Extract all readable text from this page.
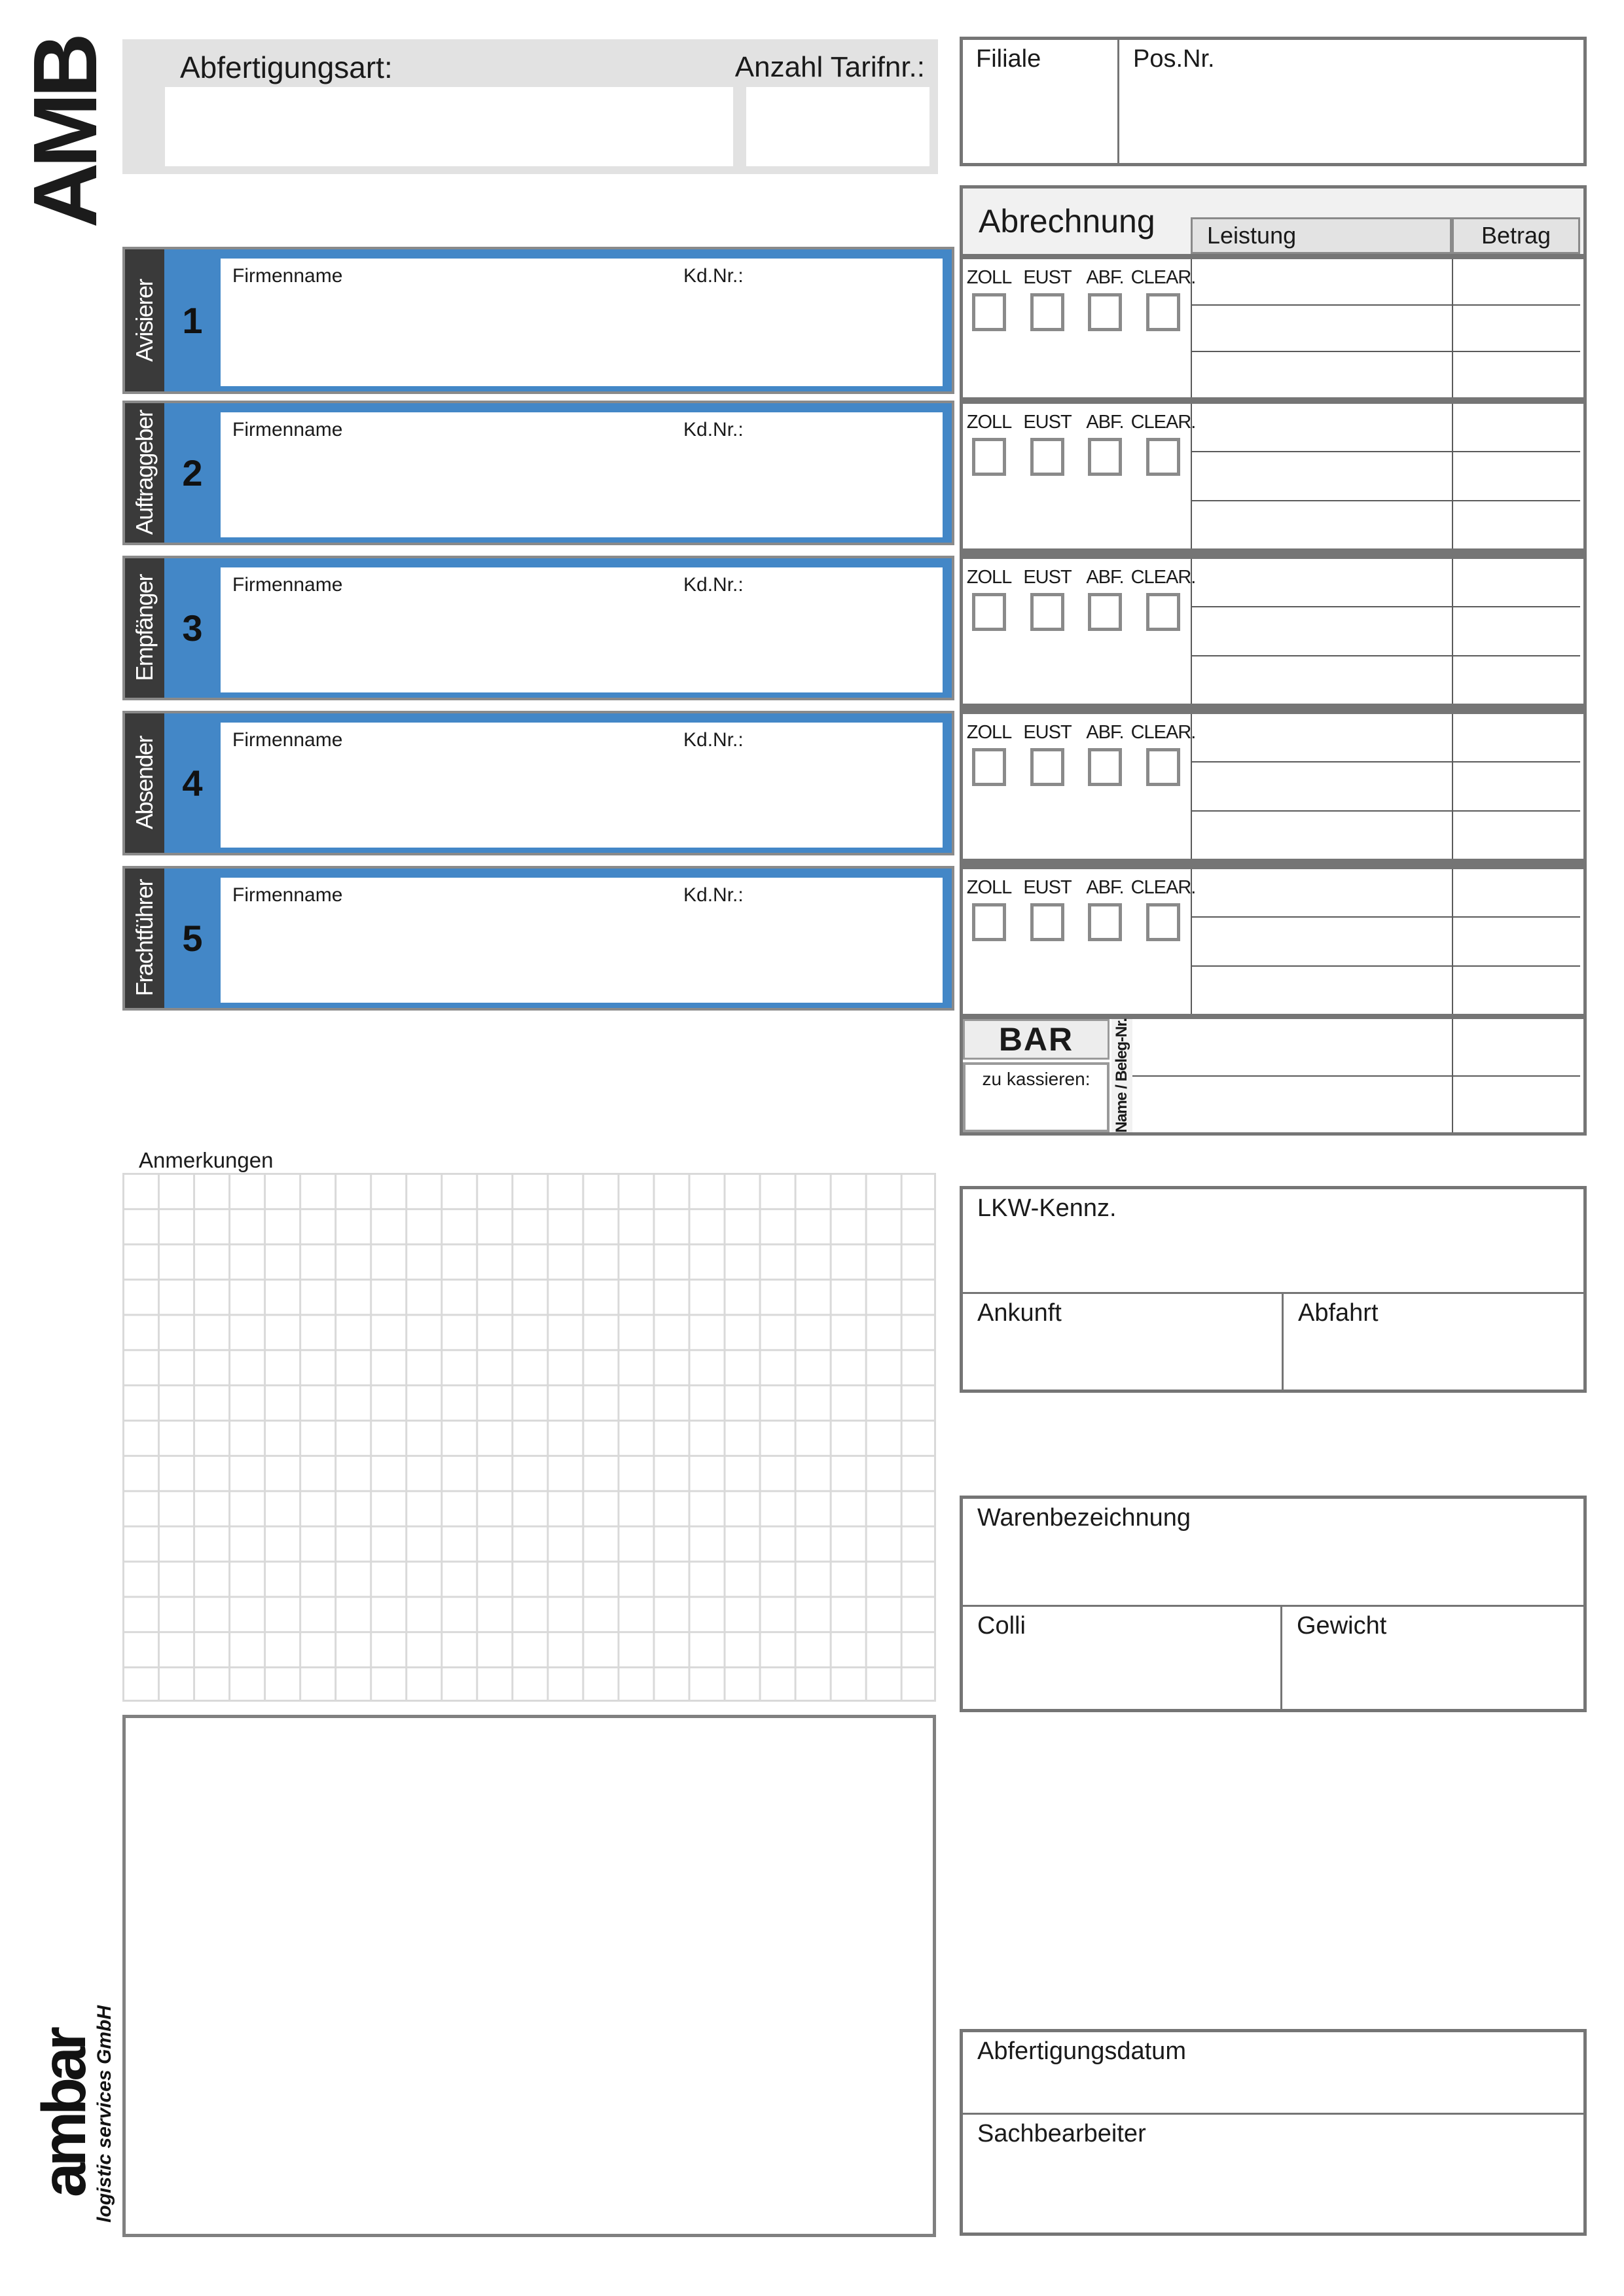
AMB Abfertigungsart:	Anzahl Tarifnr.: Filiale	Pos.Nr.
Abrechnung	Leistung	Betrag
ZOLL EUST ABF. CLEAR.
ZOLL EUST ABF. CLEAR.
ZOLL EUST ABF. CLEAR.
ZOLL EUST ABF. CLEAR.
ZOLL EUST ABF. CLEAR.
BAR
zu kassieren:	Name / Beleg-Nr.
Avisierer 1
Firmenname	Kd.Nr.:
Auftraggeber 2
Firmenname	Kd.Nr.:
Empfänger 3
Firmenname	Kd.Nr.:
Absender 4
Firmenname	Kd.Nr.:
Frachtführer 5
Firmenname	Kd.Nr.:
Anmerkungen
ambar
logistic services GmbH
LKW-Kennz.
Ankunft	Abfahrt
Warenbezeichnung
Colli	Gewicht
Abfertigungsdatum
Sachbearbeiter
